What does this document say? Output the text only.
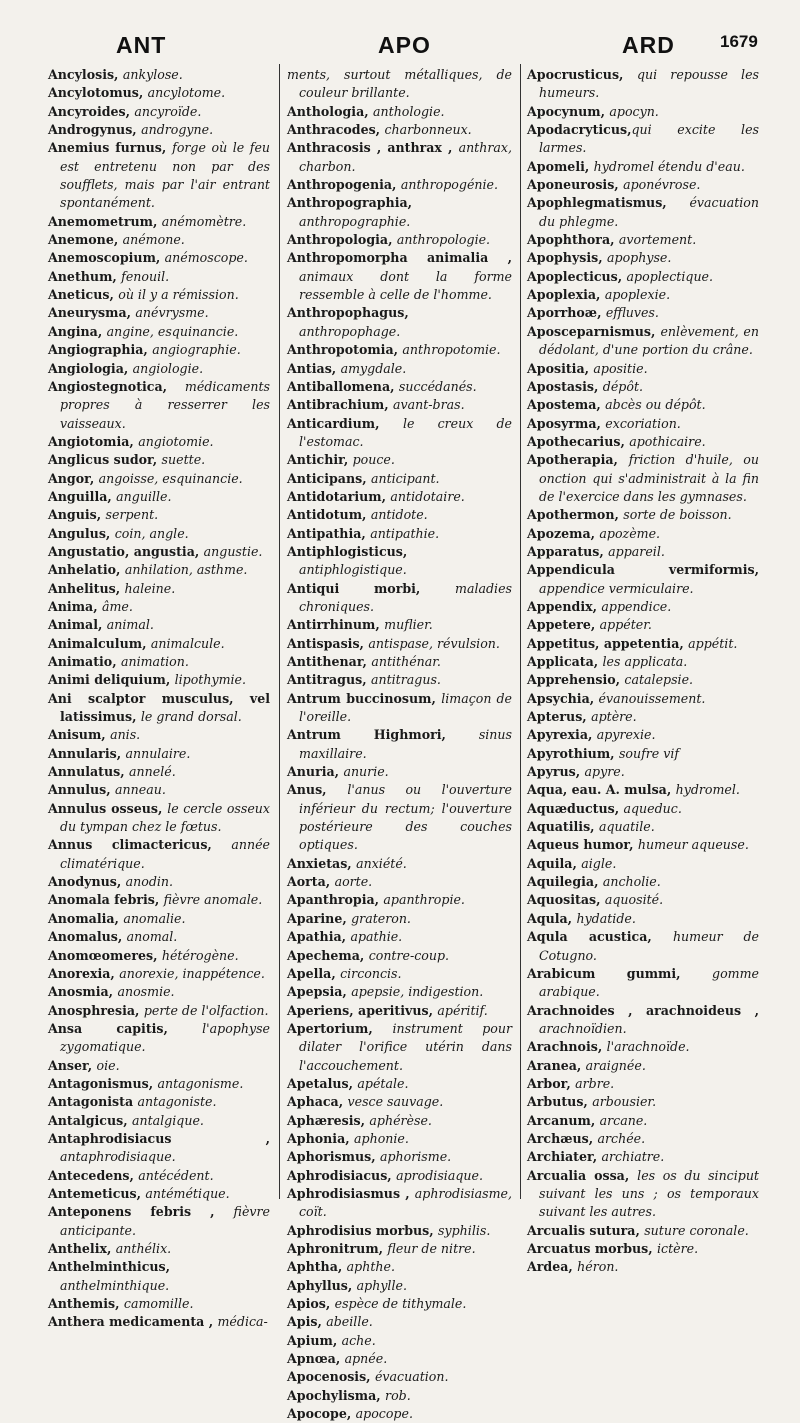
ANT	APO	ARD	1679
Ancylosis, ankylose.
Ancylotomus, ancylotome.
Ancyroides, ancyroïde.
Androgynus, androgyne.
Anemius furnus, forge où le feu est entretenu non par des soufflets, mais par l'air entrant spontanément.
Anemometrum, anémomètre.
Anemone, anémone.
Anemoscopium, anémoscope.
Anethum, fenouil.
Aneticus, où il y a rémission.
Aneurysma, anévrysme.
Angina, angine, esquinancie.
Angiographia, angiographie.
Angiologia, angiologie.
Angiostegnotica, médicaments propres à resserrer les vaisseaux.
Angiotomia, angiotomie.
Anglicus sudor, suette.
Angor, angoisse, esquinancie.
Anguilla, anguille.
Anguis, serpent.
Angulus, coin, angle.
Angustatio, angustia, angustie.
Anhelatio, anhilation, asthme.
Anhelitus, haleine.
Anima, âme.
Animal, animal.
Animalculum, animalcule.
Animatio, animation.
Animi deliquium, lipothymie.
Ani scalptor musculus, vel latissimus, le grand dorsal.
Anisum, anis.
Annularis, annulaire.
Annulatus, annelé.
Annulus, anneau.
Annulus osseus, le cercle osseux du tympan chez le fœtus.
Annus climactericus, année climatérique.
Anodynus, anodin.
Anomala febris, fièvre anomale.
Anomalia, anomalie.
Anomalus, anomal.
Anomœomeres, hétérogène.
Anorexia, anorexie, inappétence.
Anosmia, anosmie.
Anosphresia, perte de l'olfaction.
Ansa capitis, l'apophyse zygomatique.
Anser, oie.
Antagonismus, antagonisme.
Antagonista antagoniste.
Antalgicus, antalgique.
Antaphrodisiacus , antaphrodisiaque.
Antecedens, antécédent.
Antemeticus, antémétique.
Anteponens febris , fièvre anticipante.
Anthelix, anthélix.
Anthelminthicus, anthelminthique.
Anthemis, camomille.
Anthera medicamenta , médica-
ments, surtout métalliques, de couleur brillante.
Anthologia, anthologie.
Anthracodes, charbonneux.
Anthracosis , anthrax , anthrax, charbon.
Anthropogenia, anthropogénie.
Anthropographia, anthropographie.
Anthropologia, anthropologie.
Anthropomorpha animalia , animaux dont la forme ressemble à celle de l'homme.
Anthropophagus, anthropophage.
Anthropotomia, anthropotomie.
Antias, amygdale.
Antiballomena, succédanés.
Antibrachium, avant-bras.
Anticardium, le creux de l'estomac.
Antichir, pouce.
Anticipans, anticipant.
Antidotarium, antidotaire.
Antidotum, antidote.
Antipathia, antipathie.
Antiphlogisticus, antiphlogistique.
Antiqui morbi, maladies chroniques.
Antirrhinum, muflier.
Antispasis, antispase, révulsion.
Antithenar, antithénar.
Antitragus, antitragus.
Antrum buccinosum, limaçon de l'oreille.
Antrum Highmori, sinus maxillaire.
Anuria, anurie.
Anus, l'anus ou l'ouverture inférieur du rectum; l'ouverture postérieure des couches optiques.
Anxietas, anxiété.
Aorta, aorte.
Apanthropia, apanthropie.
Aparine, grateron.
Apathia, apathie.
Apechema, contre-coup.
Apella, circoncis.
Apepsia, apepsie, indigestion.
Aperiens, aperitivus, apéritif.
Apertorium, instrument pour dilater l'orifice utérin dans l'accouchement.
Apetalus, apétale.
Aphaca, vesce sauvage.
Aphæresis, aphérèse.
Aphonia, aphonie.
Aphorismus, aphorisme.
Aphrodisiacus, aprodisiaque.
Aphrodisiasmus , aphrodisiasme, coït.
Aphrodisius morbus, syphilis.
Aphronitrum, fleur de nitre.
Aphtha, aphthe.
Aphyllus, aphylle.
Apios, espèce de tithymale.
Apis, abeille.
Apium, ache.
Apnœa, apnée.
Apocenosis, évacuation.
Apochylisma, rob.
Apocope, apocope.
Apocrusticus, qui repousse les humeurs.
Apocynum, apocyn.
Apodacryticus,qui excite les larmes.
Apomeli, hydromel étendu d'eau.
Aponeurosis, aponévrose.
Apophlegmatismus, évacuation du phlegme.
Apophthora, avortement.
Apophysis, apophyse.
Apoplecticus, apoplectique.
Apoplexia, apoplexie.
Aporrhoæ, effluves.
Aposceparnismus, enlèvement, en dédolant, d'une portion du crâne.
Apositia, apositie.
Apostasis, dépôt.
Apostema, abcès ou dépôt.
Aposyrma, excoriation.
Apothecarius, apothicaire.
Apotherapia, friction d'huile, ou onction qui s'administrait à la fin de l'exercice dans les gymnases.
Apothermon, sorte de boisson.
Apozema, apozème.
Apparatus, appareil.
Appendicula vermiformis, appendice vermiculaire.
Appendix, appendice.
Appetere, appéter.
Appetitus, appetentia, appétit.
Applicata, les applicata.
Apprehensio, catalepsie.
Apsychia, évanouissement.
Apterus, aptère.
Apyrexia, apyrexie.
Apyrothium, soufre vif
Apyrus, apyre.
Aqua, eau. A. mulsa, hydromel.
Aquæductus, aqueduc.
Aquatilis, aquatile.
Aqueus humor, humeur aqueuse.
Aquila, aigle.
Aquilegia, ancholie.
Aquositas, aquosité.
Aqula, hydatide.
Aqula acustica, humeur de Cotugno.
Arabicum gummi, gomme arabique.
Arachnoides , arachnoideus , arachnoïdien.
Arachnois, l'arachnoïde.
Aranea, araignée.
Arbor, arbre.
Arbutus, arbousier.
Arcanum, arcane.
Archæus, archée.
Archiater, archiatre.
Arcualia ossa, les os du sinciput suivant les uns ; os temporaux suivant les autres.
Arcualis sutura, suture coronale.
Arcuatus morbus, ictère.
Ardea, héron.
